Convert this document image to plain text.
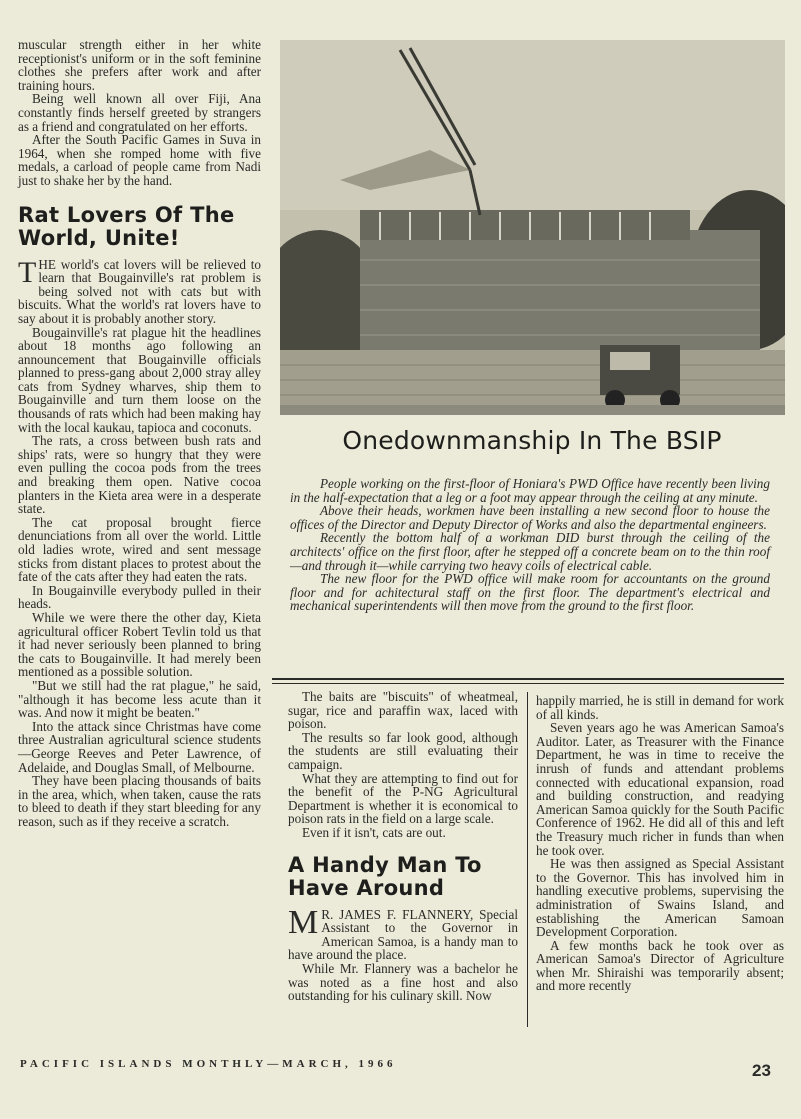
muscular strength either in her white receptionist's uniform or in the soft feminine clothes she prefers after work and after training hours.

Being well known all over Fiji, Ana constantly finds herself greeted by strangers as a friend and congratulated on her efforts.

After the South Pacific Games in Suva in 1964, when she romped home with five medals, a carload of people came from Nadi just to shake her by the hand.

Rat Lovers Of The World, Unite!

THE world's cat lovers will be relieved to learn that Bougainville's rat problem is being solved not with cats but with biscuits. What the world's rat lovers have to say about it is probably another story.

Bougainville's rat plague hit the headlines about 18 months ago following an announcement that Bougainville officials planned to press-gang about 2,000 stray alley cats from Sydney wharves, ship them to Bougainville and turn them loose on the thousands of rats which had been making hay with the local kaukau, tapioca and coconuts.

The rats, a cross between bush rats and ships' rats, were so hungry that they were even pulling the cocoa pods from the trees and breaking them open. Native cocoa planters in the Kieta area were in a desperate state.

The cat proposal brought fierce denunciations from all over the world. Little old ladies wrote, wired and sent message sticks from distant places to protest about the fate of the cats after they had eaten the rats.

In Bougainville everybody pulled in their heads.

While we were there the other day, Kieta agricultural officer Robert Tevlin told us that it had never seriously been planned to bring the cats to Bougainville. It had merely been mentioned as a possible solution.

"But we still had the rat plague," he said, "although it has become less acute than it was. And now it might be beaten."

Into the attack since Christmas have come three Australian agricultural science students—George Reeves and Peter Lawrence, of Adelaide, and Douglas Small, of Melbourne.

They have been placing thousands of baits in the area, which, when taken, cause the rats to bleed to death if they start bleeding for any reason, such as if they receive a scratch.

Onedownmanship In The BSIP

People working on the first-floor of Honiara's PWD Office have recently been living in the half-expectation that a leg or a foot may appear through the ceiling at any minute.

Above their heads, workmen have been installing a new second floor to house the offices of the Director and Deputy Director of Works and also the departmental engineers.

Recently the bottom half of a workman DID burst through the ceiling of the architects' office on the first floor, after he stepped off a concrete beam on to the thin roof—and through it—while carrying two heavy coils of electrical cable.

The new floor for the PWD office will make room for accountants on the ground floor and for achitectural staff on the first floor. The department's electrical and mechanical superintendents will then move from the ground to the first floor.

The baits are "biscuits" of wheatmeal, sugar, rice and paraffin wax, laced with poison.

The results so far look good, although the students are still evaluating their campaign.

What they are attempting to find out for the benefit of the P-NG Agricultural Department is whether it is economical to poison rats in the field on a large scale.

Even if it isn't, cats are out.

A Handy Man To Have Around

M R. JAMES F. FLANNERY, Special Assistant to the Governor in American Samoa, is a handy man to have around the place.

While Mr. Flannery was a bachelor he was noted as a fine host and also outstanding for his culinary skill. Now

happily married, he is still in demand for work of all kinds.

Seven years ago he was American Samoa's Auditor. Later, as Treasurer with the Finance Department, he was in time to receive the inrush of funds and attendant problems connected with educational expansion, road and building construction, and readying American Samoa quickly for the South Pacific Conference of 1962. He did all of this and left the Treasury much richer in funds than when he took over.

He was then assigned as Special Assistant to the Governor. This has involved him in handling executive problems, supervising the administration of Swains Island, and establishing the American Samoan Development Corporation.

A few months back he took over as American Samoa's Director of Agriculture when Mr. Shiraishi was temporarily absent; and more recently

PACIFIC ISLANDS MONTHLY—MARCH, 1966	23
